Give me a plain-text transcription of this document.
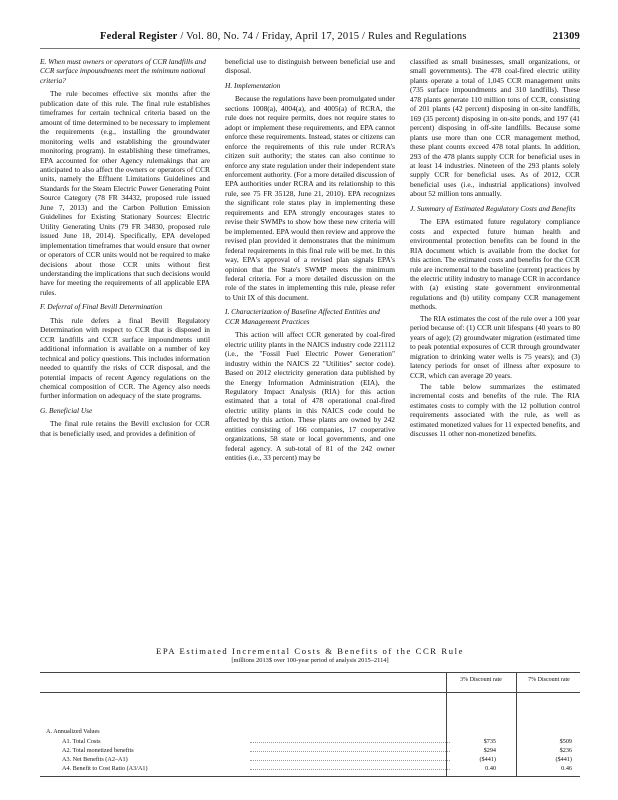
Federal Register / Vol. 80, No. 74 / Friday, April 17, 2015 / Rules and Regulations	21309

E. When must owners or operators of CCR landfills and CCR surface impoundments meet the minimum national criteria?

The rule becomes effective six months after the publication date of this rule. The final rule establishes timeframes for certain technical criteria based on the amount of time determined to be necessary to implement the requirements (e.g., installing the groundwater monitoring wells and establishing the groundwater monitoring program). In establishing these timeframes, EPA accounted for other Agency rulemakings that are anticipated to also affect the owners or operators of CCR units, namely the Effluent Limitations Guidelines and Standards for the Steam Electric Power Generating Point Source Category (78 FR 34432, proposed rule issued June 7, 2013) and the Carbon Pollution Emission Guidelines for Existing Stationary Sources: Electric Utility Generating Units (79 FR 34830, proposed rule issued June 18, 2014). Specifically, EPA developed implementation timeframes that would ensure that owner or operators of CCR units would not be required to make decisions about those CCR units without first understanding the implications that such decisions would have for meeting the requirements of all applicable EPA rules.

F. Deferral of Final Bevill Determination

This rule defers a final Bevill Regulatory Determination with respect to CCR that is disposed in CCR landfills and CCR surface impoundments until additional information is available on a number of key technical and policy questions. This includes information needed to quantify the risks of CCR disposal, and the potential impacts of recent Agency regulations on the chemical composition of CCR. The Agency also needs further information on adequacy of the state programs.

G. Beneficial Use

The final rule retains the Bevill exclusion for CCR that is beneficially used, and provides a definition of

beneficial use to distinguish between beneficial use and disposal.

H. Implementation

Because the regulations have been promulgated under sections 1008(a), 4004(a), and 4005(a) of RCRA, the rule does not require permits, does not require states to adopt or implement these requirements, and EPA cannot enforce these requirements. Instead, states or citizens can enforce the requirements of this rule under RCRA's citizen suit authority; the states can also continue to enforce any state regulation under their independent state enforcement authority. (For a more detailed discussion of EPA authorities under RCRA and its relationship to this rule, see 75 FR 35128, June 21, 2010). EPA recognizes the significant role states play in implementing these requirements and EPA strongly encourages states to revise their SWMPs to show how these new criteria will be implemented. EPA would then review and approve the revised plan provided it demonstrates that the minimum federal requirements in this final rule will be met. In this way, EPA's approval of a revised plan signals EPA's opinion that the State's SWMP meets the minimum federal criteria. For a more detailed discussion on the role of the states in implementing this rule, please refer to Unit IX of this document.

I. Characterization of Baseline Affected Entities and CCR Management Practices

This action will affect CCR generated by coal-fired electric utility plants in the NAICS industry code 221112 (i.e., the "Fossil Fuel Electric Power Generation" industry within the NAICS 22 "Utilities" sector code). Based on 2012 electricity generation data published by the Energy Information Administration (EIA), the Regulatory Impact Analysis (RIA) for this action estimated that a total of 478 operational coal-fired electric utility plants in this NAICS code could be affected by this action. These plants are owned by 242 entities consisting of 166 companies, 17 cooperative organizations, 58 state or local governments, and one federal agency. A sub-total of 81 of the 242 owner entities (i.e., 33 percent) may be

classified as small businesses, small organizations, or small governments). The 478 coal-fired electric utility plants operate a total of 1,045 CCR management units (735 surface impoundments and 310 landfills). These 478 plants generate 110 million tons of CCR, consisting of 201 plants (42 percent) disposing in on-site landfills, 169 (35 percent) disposing in on-site ponds, and 197 (41 percent) disposing in off-site landfills. Because some plants use more than one CCR management method, these plant counts exceed 478 total plants. In addition, 293 of the 478 plants supply CCR for beneficial uses in at least 14 industries. Nineteen of the 293 plants solely supply CCR for beneficial uses. As of 2012, CCR beneficial uses (i.e., industrial applications) involved about 52 million tons annually.

J. Summary of Estimated Regulatory Costs and Benefits

The EPA estimated future regulatory compliance costs and expected future human health and environmental protection benefits can be found in the RIA document which is available from the docket for this action. The estimated costs and benefits for the CCR rule are incremental to the baseline (current) practices by the electric utility industry to manage CCR in accordance with (a) existing state government environmental regulations and (b) utility company CCR management methods.

The RIA estimates the cost of the rule over a 100 year period because of: (1) CCR unit lifespans (40 years to 80 years of age); (2) groundwater migration (estimated time to peak potential exposures of CCR through groundwater migration to drinking water wells is 75 years); and (3) latency periods for onset of illness after exposure to CCR, which can average 20 years.

The table below summarizes the estimated incremental costs and benefits of the rule. The RIA estimates costs to comply with the 12 pollution control requirements associated with the rule, as well as estimated monetized values for 11 expected benefits, and discusses 11 other non-monetized benefits.

EPA Estimated Incremental Costs & Benefits of the CCR Rule
[millions 2013$ over 100-year period of analysis 2015–2114]
3% Discount rate	7% Discount rate
A. Annualized Values
A1. Total Costs	$735	$509
A2. Total monetized benefits	$294	$236
A3. Net Benefits (A2–A1)	($441)	($441)
A4. Benefit to Cost Ratio (A3/A1)	0.40	0.46
